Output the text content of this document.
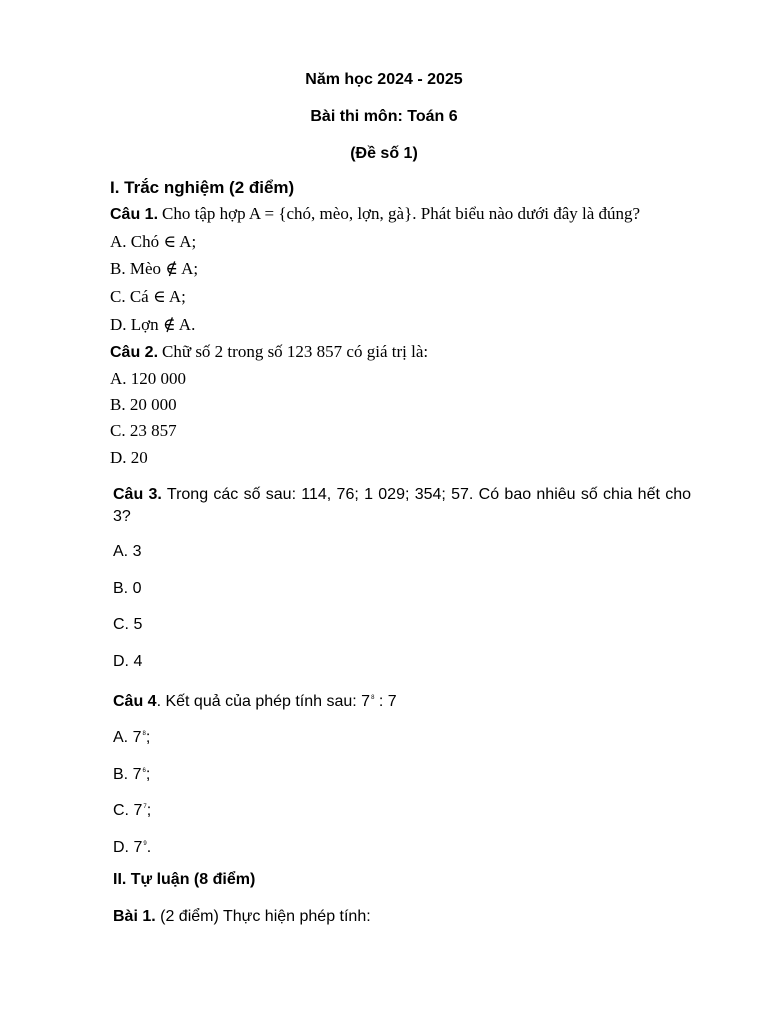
Năm học 2024 - 2025
Bài thi môn: Toán 6
(Đề số 1)
I. Trắc nghiệm (2 điểm)
Câu 1. Cho tập hợp A = {chó, mèo, lợn, gà}. Phát biểu nào dưới đây là đúng?
A. Chó ∈ A;
B. Mèo ∉ A;
C. Cá ∈ A;
D. Lợn ∉ A.
Câu 2. Chữ số 2 trong số 123 857 có giá trị là:
A. 120 000
B. 20 000
C. 23 857
D. 20
Câu 3. Trong các số sau: 114, 76; 1 029; 354; 57. Có bao nhiêu số chia hết cho 3?
A. 3
B. 0
C. 5
D. 4
Câu 4. Kết quả của phép tính sau: $7^8$ : 7
A. $7^8$;
B. $7^6$;
C. $7^7$;
D. $7^9$.
II. Tự luận (8 điểm)
Bài 1. (2 điểm) Thực hiện phép tính:
